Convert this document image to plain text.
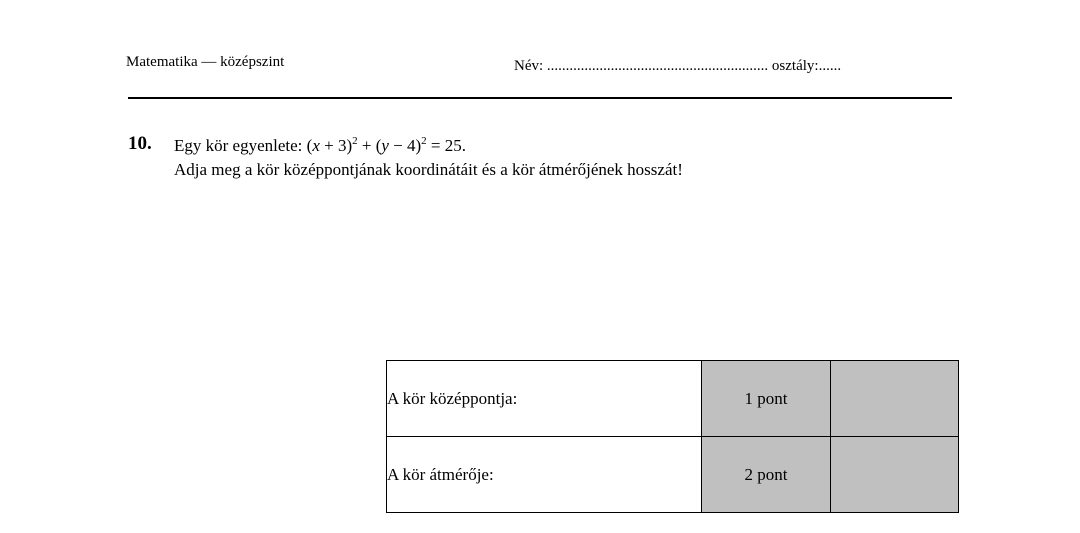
Matematika — középszint	Név: ........................................................... osztály:......
10. Egy kör egyenlete: $(x + 3)^2 + (y - 4)^2 = 25$.
Adja meg a kör középpontjának koordinátáit és a kör átmérőjének hosszát!
A kör középpontja:	1 pont	
A kör átmérője:	2 pont	
